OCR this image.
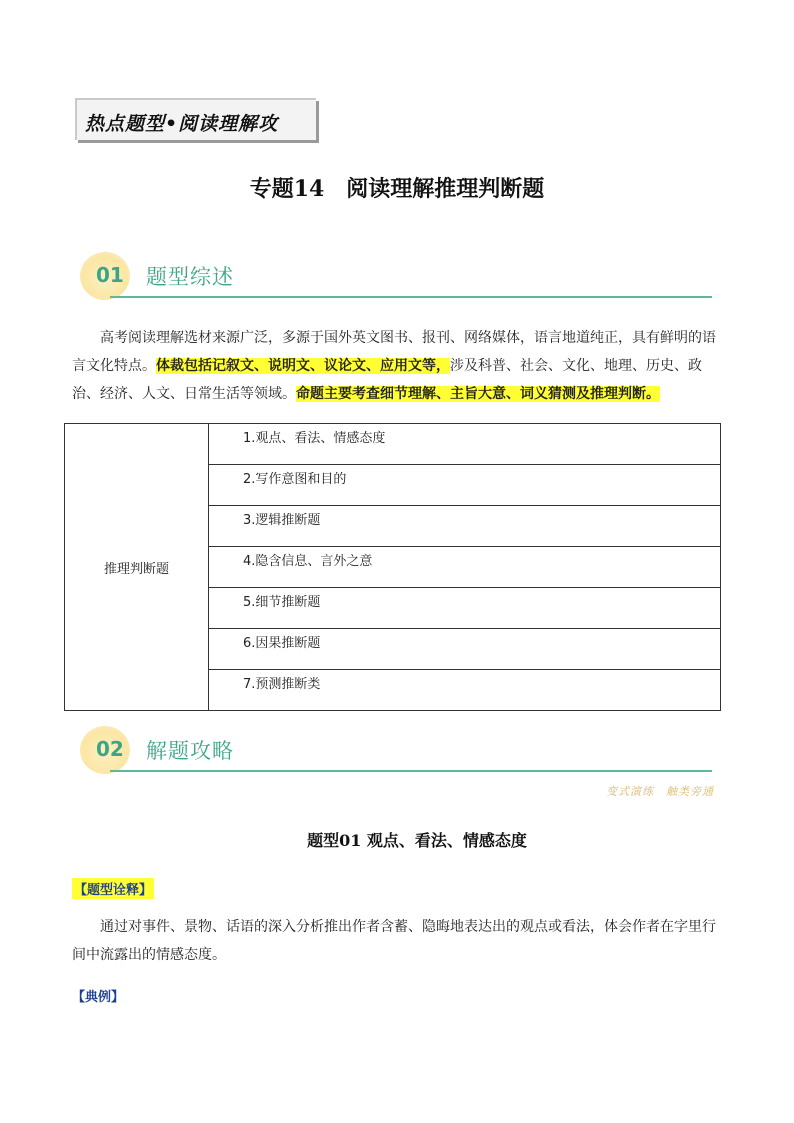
热点题型•阅读理解攻
专题14　阅读理解推理判断题
01 题型综述
高考阅读理解选材来源广泛，多源于国外英文图书、报刊、网络媒体，语言地道纯正，具有鲜明的语言文化特点。体裁包括记叙文、说明文、议论文、应用文等，涉及科普、社会、文化、地理、历史、政治、经济、人文、日常生活等领域。命题主要考查细节理解、主旨大意、词义猜测及推理判断。
推理判断题	1.观点、看法、情感态度
2.写作意图和目的
3.逻辑推断题
4.隐含信息、言外之意
5.细节推断题
6.因果推断题
7.预测推断类
02 解题攻略
变式演练　触类旁通
题型01 观点、看法、情感态度
【题型诠释】
通过对事件、景物、话语的深入分析推出作者含蓄、隐晦地表达出的观点或看法，体会作者在字里行间中流露出的情感态度。
【典例】
